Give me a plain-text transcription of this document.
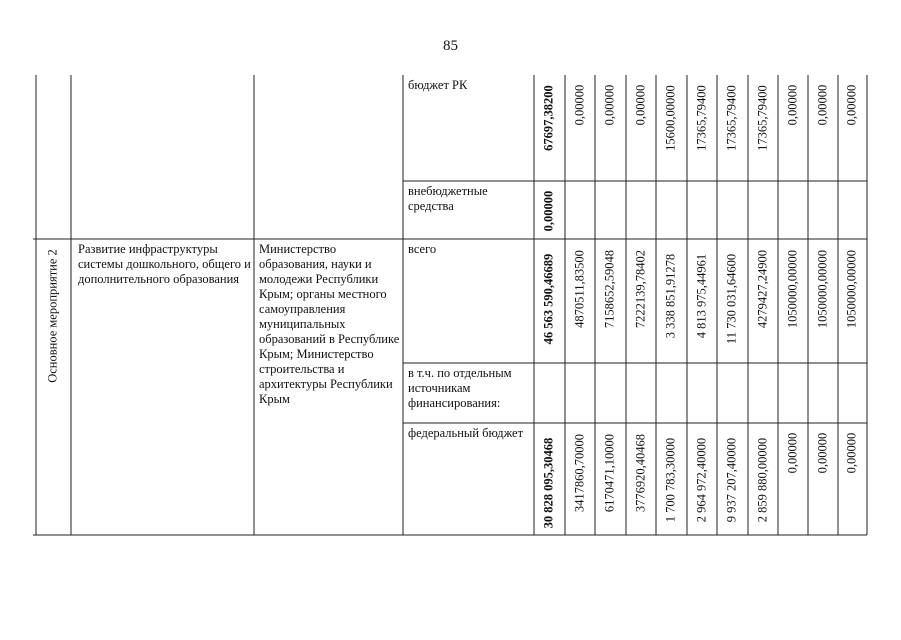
85
Основное мероприятие 2
Развитие инфраструктуры системы дошкольного, общего и дополнительного образования
Министерство образования, науки и молодежи Республики Крым; органы местного самоуправления муниципальных образований в Республике Крым; Министерство строительства и архитектуры Республики Крым
бюджет РК
внебюджетные средства
всего
в т.ч. по отдельным источникам финансирования:
федеральный бюджет
67697,38200 0,00000 0,00000 0,00000 15600,00000 17365,79400 17365,79400 17365,79400 0,00000 0,00000 0,00000
0,00000
46 563 590,46689 4870511,83500 7158652,59048 7222139,78402 3 338 851,91278 4 813 975,44961 11 730 031,64600 4279427,24900 1050000,00000 1050000,00000 1050000,00000
30 828 095,30468 3417860,70000 6170471,10000 3776920,40468 1 700 783,30000 2 964 972,40000 9 937 207,40000 2 859 880,00000 0,00000 0,00000 0,00000
